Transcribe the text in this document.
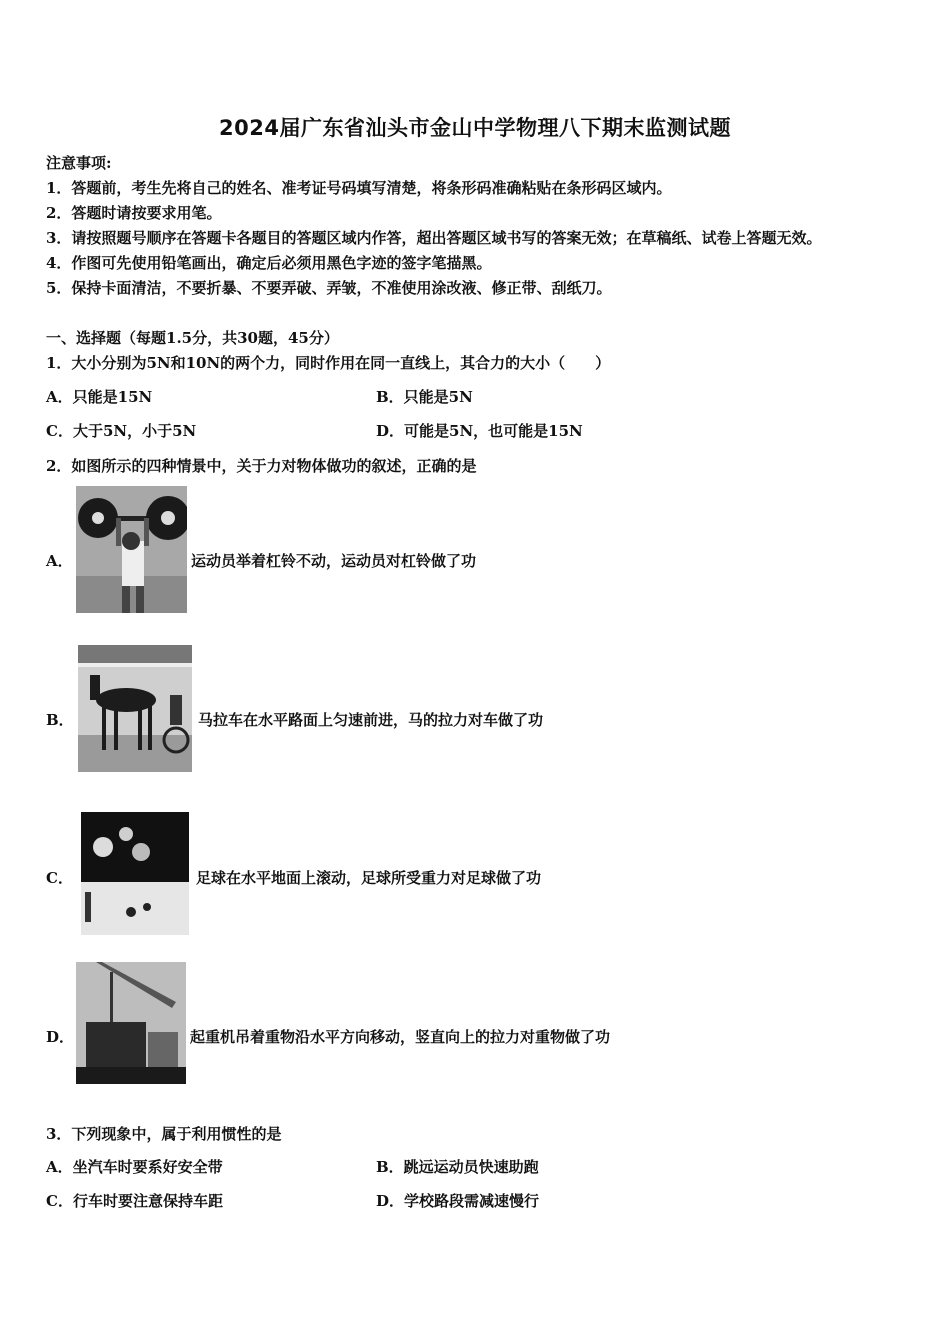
2024届广东省汕头市金山中学物理八下期末监测试题
注意事项:
1．答题前，考生先将自己的姓名、准考证号码填写清楚，将条形码准确粘贴在条形码区域内。
2．答题时请按要求用笔。
3．请按照题号顺序在答题卡各题目的答题区域内作答，超出答题区域书写的答案无效；在草稿纸、试卷上答题无效。
4．作图可先使用铅笔画出，确定后必须用黑色字迹的签字笔描黑。
5．保持卡面清洁，不要折暴、不要弄破、弄皱，不准使用涂改液、修正带、刮纸刀。
一、选择题（每题1.5分，共30题，45分）
1．大小分别为5N和10N的两个力，同时作用在同一直线上，其合力的大小（　　）
A．只能是15N	B．只能是5N
C．大于5N，小于5N	D．可能是5N，也可能是15N
2．如图所示的四种情景中，关于力对物体做功的叙述，正确的是
A．	运动员举着杠铃不动，运动员对杠铃做了功
B．	马拉车在水平路面上匀速前进，马的拉力对车做了功
C．	足球在水平地面上滚动，足球所受重力对足球做了功
D．	起重机吊着重物沿水平方向移动，竖直向上的拉力对重物做了功
3．下列现象中，属于利用惯性的是
A．坐汽车时要系好安全带	B．跳远运动员快速助跑
C．行车时要注意保持车距	D．学校路段需减速慢行
